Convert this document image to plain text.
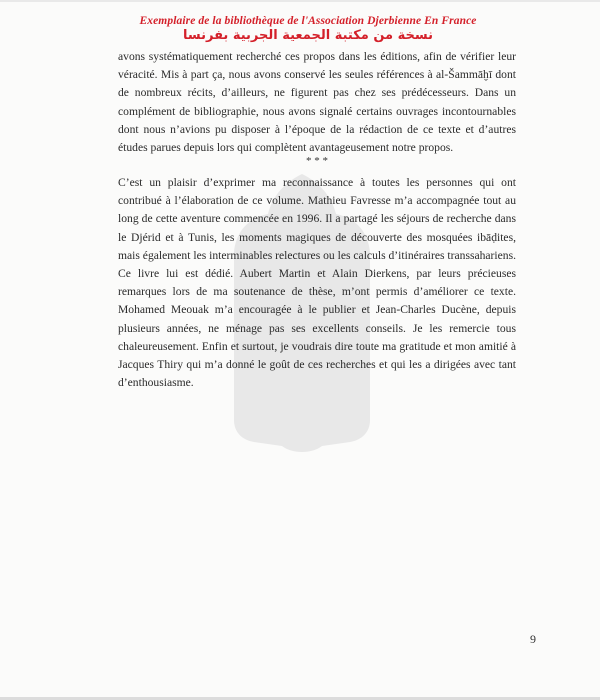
Exemplaire de la bibliothèque de l'Association Djerbienne En France
نسخة من مكتبة الجمعية الجربية بفرنسا
avons systématiquement recherché ces propos dans les éditions, afin de vérifier leur véracité. Mis à part ça, nous avons conservé les seules références à al-Šammāḫī dont de nombreux récits, d’ailleurs, ne figurent pas chez ses prédécesseurs. Dans un complément de bibliographie, nous avons signalé certains ouvrages incontournables dont nous n’avions pu disposer à l’époque de la rédaction de ce texte et d’autres études parues depuis lors qui complètent avantageusement notre propos.
* * *
C’est un plaisir d’exprimer ma reconnaissance à toutes les personnes qui ont contribué à l’élaboration de ce volume. Mathieu Favresse m’a accompagnée tout au long de cette aventure commencée en 1996. Il a partagé les séjours de recherche dans le Djérid et à Tunis, les moments magiques de découverte des mosquées ibāḍites, mais également les interminables relectures ou les calculs d’itinéraires transsahariens. Ce livre lui est dédié. Aubert Martin et Alain Dierkens, par leurs précieuses remarques lors de ma soutenance de thèse, m’ont permis d’améliorer ce texte. Mohamed Meouak m’a encouragée à le publier et Jean-Charles Ducène, depuis plusieurs années, ne ménage pas ses excellents conseils. Je les remercie tous chaleureusement. Enfin et surtout, je voudrais dire toute ma gratitude et mon amitié à Jacques Thiry qui m’a donné le goût de ces recherches et qui les a dirigées avec tant d’enthousiasme.
9
